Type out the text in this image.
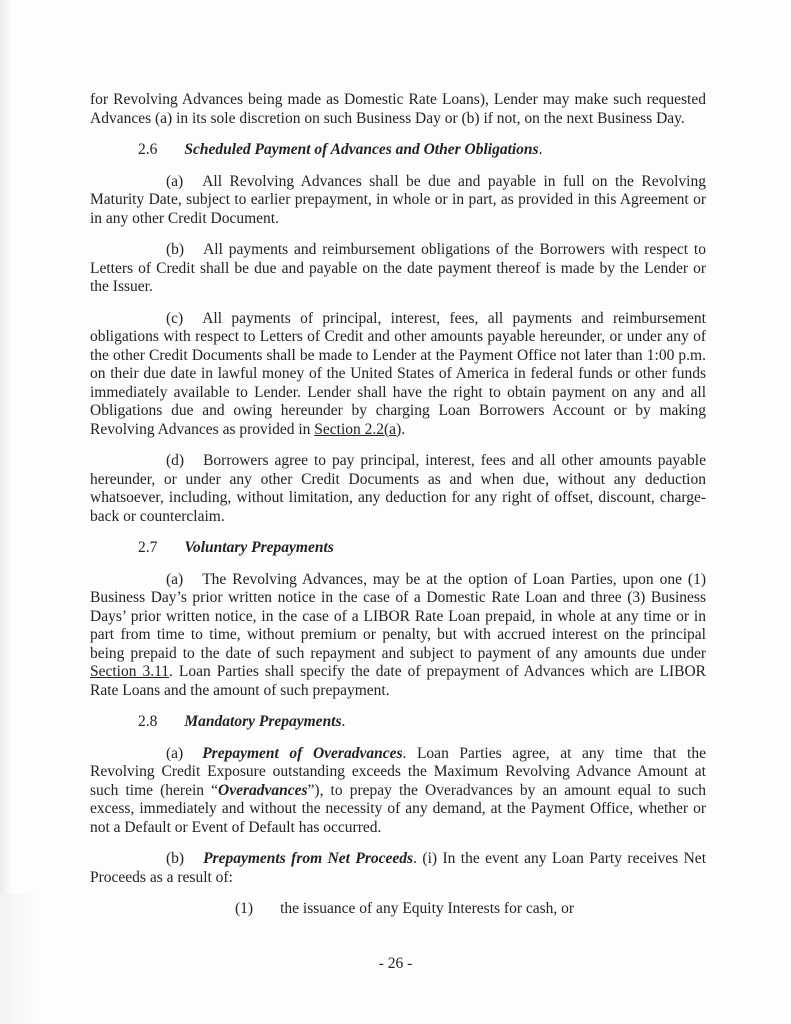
for Revolving Advances being made as Domestic Rate Loans), Lender may make such requested Advances (a) in its sole discretion on such Business Day or (b) if not, on the next Business Day.

2.6 Scheduled Payment of Advances and Other Obligations.

(a) All Revolving Advances shall be due and payable in full on the Revolving Maturity Date, subject to earlier prepayment, in whole or in part, as provided in this Agreement or in any other Credit Document.

(b) All payments and reimbursement obligations of the Borrowers with respect to Letters of Credit shall be due and payable on the date payment thereof is made by the Lender or the Issuer.

(c) All payments of principal, interest, fees, all payments and reimbursement obligations with respect to Letters of Credit and other amounts payable hereunder, or under any of the other Credit Documents shall be made to Lender at the Payment Office not later than 1:00 p.m. on their due date in lawful money of the United States of America in federal funds or other funds immediately available to Lender. Lender shall have the right to obtain payment on any and all Obligations due and owing hereunder by charging Loan Borrowers Account or by making Revolving Advances as provided in Section 2.2(a).

(d) Borrowers agree to pay principal, interest, fees and all other amounts payable hereunder, or under any other Credit Documents as and when due, without any deduction whatsoever, including, without limitation, any deduction for any right of offset, discount, charge-back or counterclaim.

2.7 Voluntary Prepayments

(a) The Revolving Advances, may be at the option of Loan Parties, upon one (1) Business Day’s prior written notice in the case of a Domestic Rate Loan and three (3) Business Days’ prior written notice, in the case of a LIBOR Rate Loan prepaid, in whole at any time or in part from time to time, without premium or penalty, but with accrued interest on the principal being prepaid to the date of such repayment and subject to payment of any amounts due under Section 3.11. Loan Parties shall specify the date of prepayment of Advances which are LIBOR Rate Loans and the amount of such prepayment.

2.8 Mandatory Prepayments.

(a) Prepayment of Overadvances. Loan Parties agree, at any time that the Revolving Credit Exposure outstanding exceeds the Maximum Revolving Advance Amount at such time (herein “Overadvances”), to prepay the Overadvances by an amount equal to such excess, immediately and without the necessity of any demand, at the Payment Office, whether or not a Default or Event of Default has occurred.

(b) Prepayments from Net Proceeds. (i) In the event any Loan Party receives Net Proceeds as a result of:

(1) the issuance of any Equity Interests for cash, or

- 26 -
